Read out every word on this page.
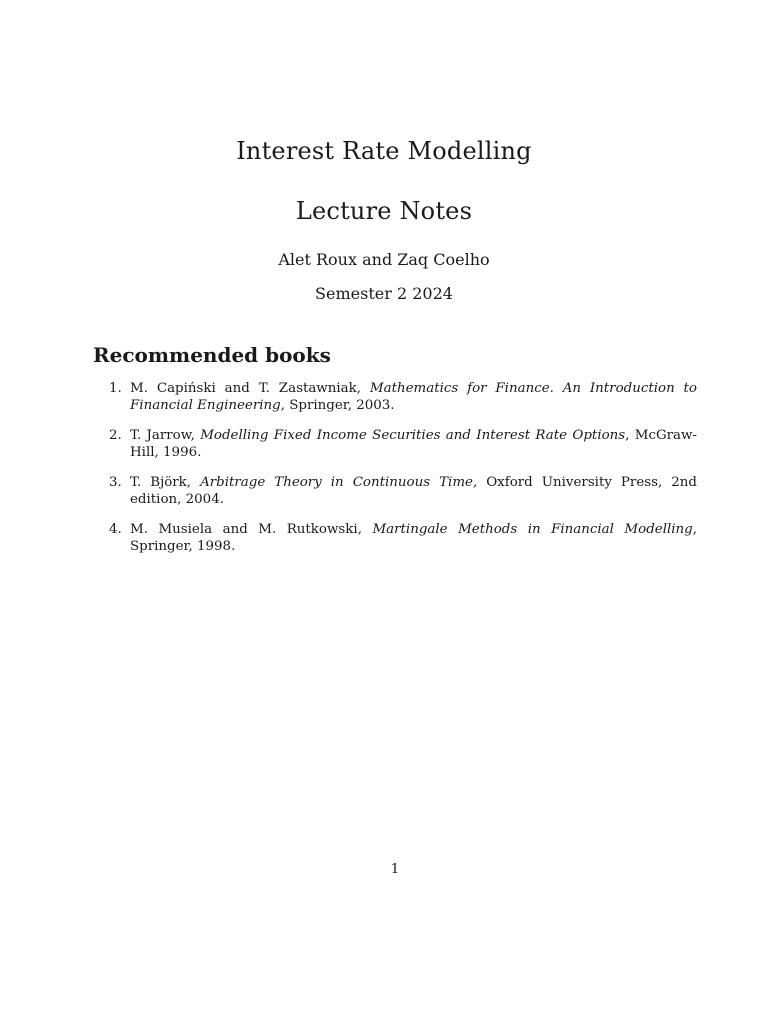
Interest Rate Modelling
Lecture Notes

Alet Roux and Zaq Coelho

Semester 2 2024

Recommended books
1. M. Capiński and T. Zastawniak, Mathematics for Finance. An Introduction to Financial Engineering, Springer, 2003.
2. T. Jarrow, Modelling Fixed Income Securities and Interest Rate Options, McGraw-Hill, 1996.
3. T. Björk, Arbitrage Theory in Continuous Time, Oxford University Press, 2nd edition, 2004.
4. M. Musiela and M. Rutkowski, Martingale Methods in Financial Modelling, Springer, 1998.
1
